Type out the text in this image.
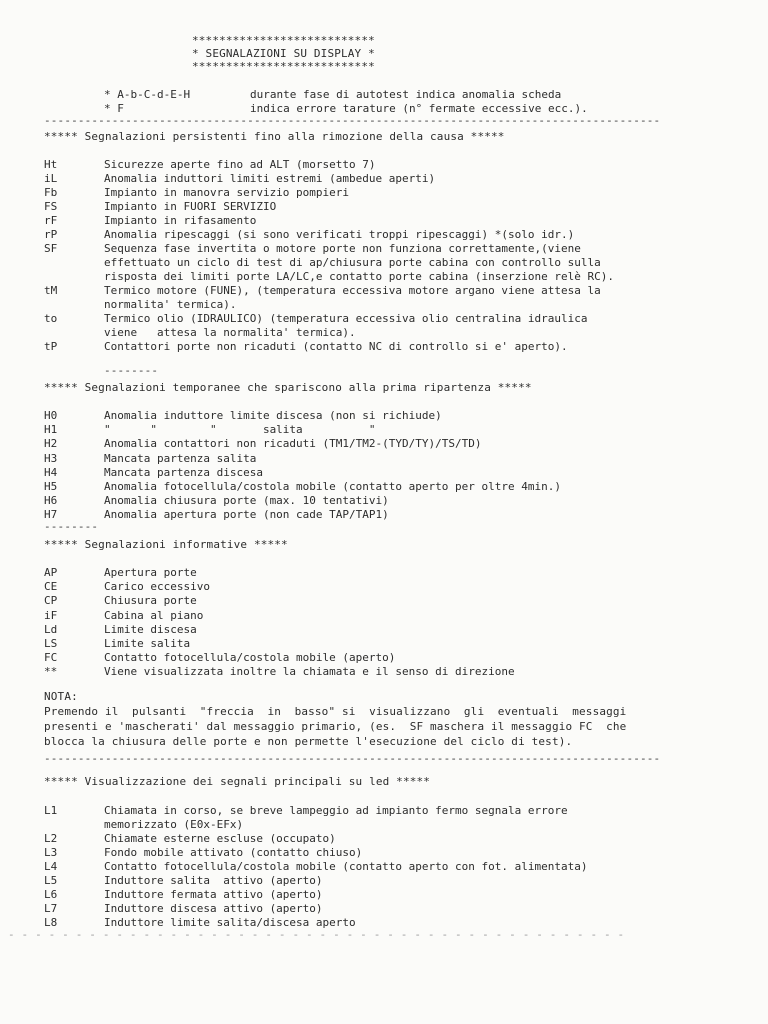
***************************
* SEGNALAZIONI SU DISPLAY *
***************************
* A-b-C-d-E-H	durante fase di autotest indica anomalia scheda
* F	indica errore tarature (n° fermate eccessive ecc.).
-------------------------------------------------------------------------------------------
***** Segnalazioni persistenti fino alla rimozione della causa *****
Ht	Sicurezze aperte fino ad ALT (morsetto 7)
iL	Anomalia induttori limiti estremi (ambedue aperti)
Fb	Impianto in manovra servizio pompieri
FS	Impianto in FUORI SERVIZIO
rF	Impianto in rifasamento
rP	Anomalia ripescaggi (si sono verificati troppi ripescaggi) *(solo idr.)
SF	Sequenza fase invertita o motore porte non funziona correttamente,(viene
effettuato un ciclo di test di ap/chiusura porte cabina con controllo sulla
risposta dei limiti porte LA/LC,e contatto porte cabina (inserzione relè RC).
tM	Termico motore (FUNE), (temperatura eccessiva motore argano viene attesa la
normalita' termica).
to	Termico olio (IDRAULICO) (temperatura eccessiva olio centralina idraulica
viene   attesa la normalita' termica).
tP	Contattori porte non ricaduti (contatto NC di controllo si e' aperto).
--------
***** Segnalazioni temporanee che spariscono alla prima ripartenza *****
H0	Anomalia induttore limite discesa (non si richiude)
H1	"      "        "       salita          "
H2	Anomalia contattori non ricaduti (TM1/TM2-(TYD/TY)/TS/TD)
H3	Mancata partenza salita
H4	Mancata partenza discesa
H5	Anomalia fotocellula/costola mobile (contatto aperto per oltre 4min.)
H6	Anomalia chiusura porte (max. 10 tentativi)
H7	Anomalia apertura porte (non cade TAP/TAP1)
--------
***** Segnalazioni informative *****
AP	Apertura porte
CE	Carico eccessivo
CP	Chiusura porte
iF	Cabina al piano
Ld	Limite discesa
LS	Limite salita
FC	Contatto fotocellula/costola mobile (aperto)
**	Viene visualizzata inoltre la chiamata e il senso di direzione
NOTA:
Premendo il  pulsanti  "freccia  in  basso" si  visualizzano  gli  eventuali  messaggi
presenti e 'mascherati' dal messaggio primario, (es.  SF maschera il messaggio FC  che
blocca la chiusura delle porte e non permette l'esecuzione del ciclo di test).
-------------------------------------------------------------------------------------------
***** Visualizzazione dei segnali principali su led *****
L1	Chiamata in corso, se breve lampeggio ad impianto fermo segnala errore
memorizzato (E0x-EFx)
L2	Chiamate esterne escluse (occupato)
L3	Fondo mobile attivato (contatto chiuso)
L4	Contatto fotocellula/costola mobile (contatto aperto con fot. alimentata)
L5	Induttore salita  attivo (aperto)
L6	Induttore fermata attivo (aperto)
L7	Induttore discesa attivo (aperto)
L8	Induttore limite salita/discesa aperto
- - - - - - - - - - - - - - - - - - - - - - - - - - - - - - - - - - - - - - - - - - - - - -
